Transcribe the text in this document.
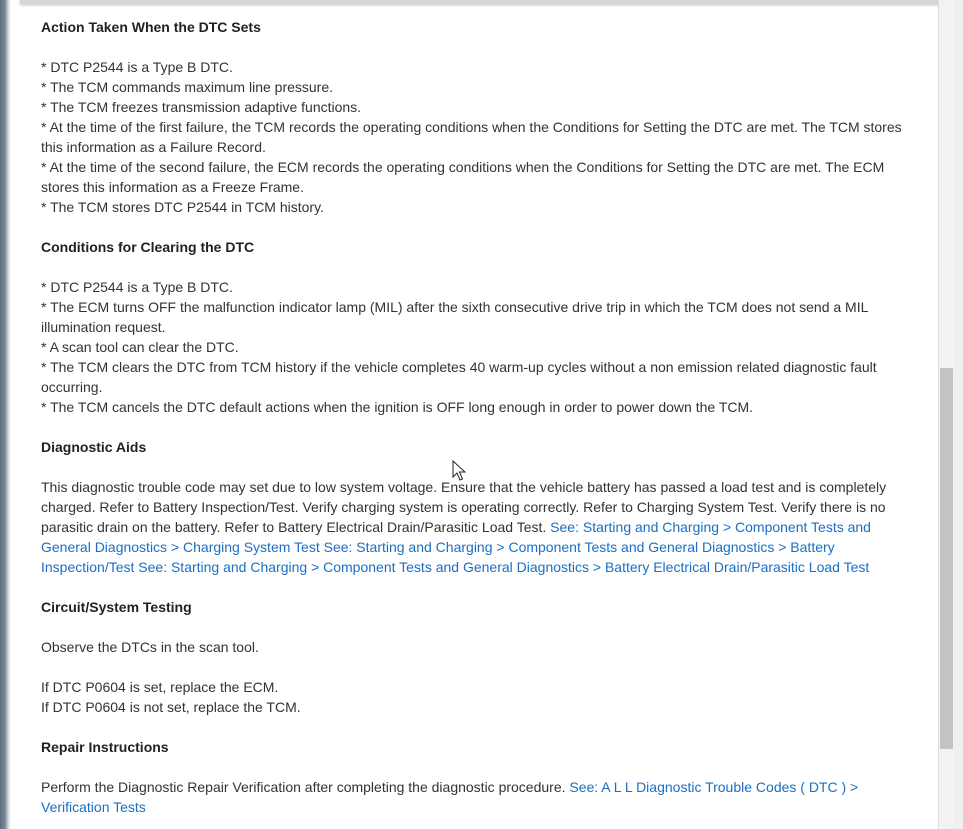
Action Taken When the DTC Sets

* DTC P2544 is a Type B DTC.

* The TCM commands maximum line pressure.

* The TCM freezes transmission adaptive functions.

* At the time of the first failure, the TCM records the operating conditions when the Conditions for Setting the DTC are met. The TCM stores this information as a Failure Record.

* At the time of the second failure, the ECM records the operating conditions when the Conditions for Setting the DTC are met. The ECM stores this information as a Freeze Frame.

* The TCM stores DTC P2544 in TCM history.

Conditions for Clearing the DTC

* DTC P2544 is a Type B DTC.

* The ECM turns OFF the malfunction indicator lamp (MIL) after the sixth consecutive drive trip in which the TCM does not send a MIL illumination request.

* A scan tool can clear the DTC.

* The TCM clears the DTC from TCM history if the vehicle completes 40 warm-up cycles without a non emission related diagnostic fault occurring.

* The TCM cancels the DTC default actions when the ignition is OFF long enough in order to power down the TCM.

Diagnostic Aids

This diagnostic trouble code may set due to low system voltage. Ensure that the vehicle battery has passed a load test and is completely charged. Refer to Battery Inspection/Test. Verify charging system is operating correctly. Refer to Charging System Test. Verify there is no parasitic drain on the battery. Refer to Battery Electrical Drain/Parasitic Load Test. See: Starting and Charging > Component Tests and General Diagnostics > Charging System Test See: Starting and Charging > Component Tests and General Diagnostics > Battery Inspection/Test See: Starting and Charging > Component Tests and General Diagnostics > Battery Electrical Drain/Parasitic Load Test

Circuit/System Testing

Observe the DTCs in the scan tool.

If DTC P0604 is set, replace the ECM.

If DTC P0604 is not set, replace the TCM.

Repair Instructions

Perform the Diagnostic Repair Verification after completing the diagnostic procedure. See: A L L Diagnostic Trouble Codes ( DTC ) > Verification Tests
